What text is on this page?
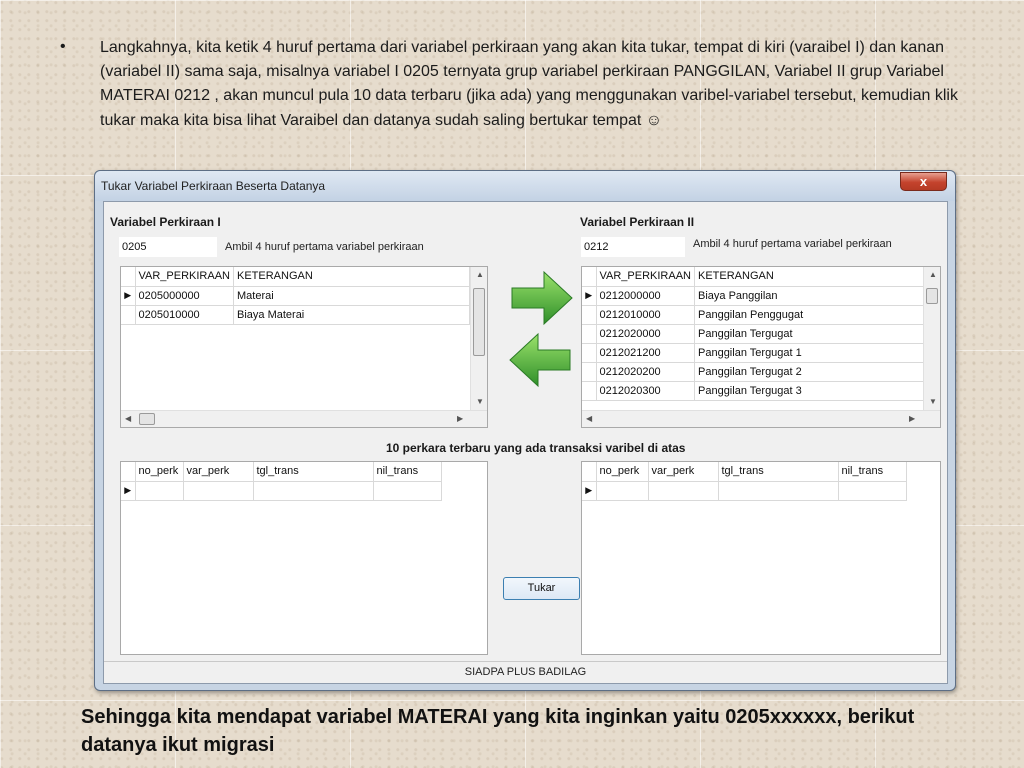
• Langkahnya, kita ketik 4 huruf pertama dari variabel perkiraan yang akan kita tukar, tempat di kiri (varaibel I) dan kanan (variabel II) sama saja, misalnya variabel I 0205 ternyata grup variabel perkiraan PANGGILAN, Variabel II grup Variabel MATERAI 0212 , akan muncul pula 10 data terbaru (jika ada) yang menggunakan varibel-variabel tersebut, kemudian klik tukar maka kita bisa lihat Varaibel dan datanya sudah saling bertukar tempat ☺
Tukar Variabel Perkiraan Beserta Datanya	x
Variabel Perkiraan I
0205	Ambil 4 huruf pertama variabel perkiraan
	VAR_PERKIRAAN	KETERANGAN
▶	0205000000	Materai
	0205010000	Biaya Materai
▲
▼
◀	▶
Tukar
Variabel Perkiraan II
0212	Ambil 4 huruf pertama variabel perkiraan
	VAR_PERKIRAAN	KETERANGAN
▶	0212000000	Biaya Panggilan
	0212010000	Panggilan Penggugat
	0212020000	Panggilan Tergugat
	0212021200	Panggilan Tergugat 1
	0212020200	Panggilan Tergugat 2
	0212020300	Panggilan Tergugat 3
▲
▼
◀	▶
10 perkara terbaru yang ada transaksi varibel di atas
	no_perk	var_perk	tgl_trans	nil_trans
▶				
	no_perk	var_perk	tgl_trans	nil_trans
▶				
SIADPA PLUS BADILAG
Sehingga kita mendapat variabel MATERAI yang kita inginkan yaitu 0205xxxxxx, berikut datanya ikut migrasi
